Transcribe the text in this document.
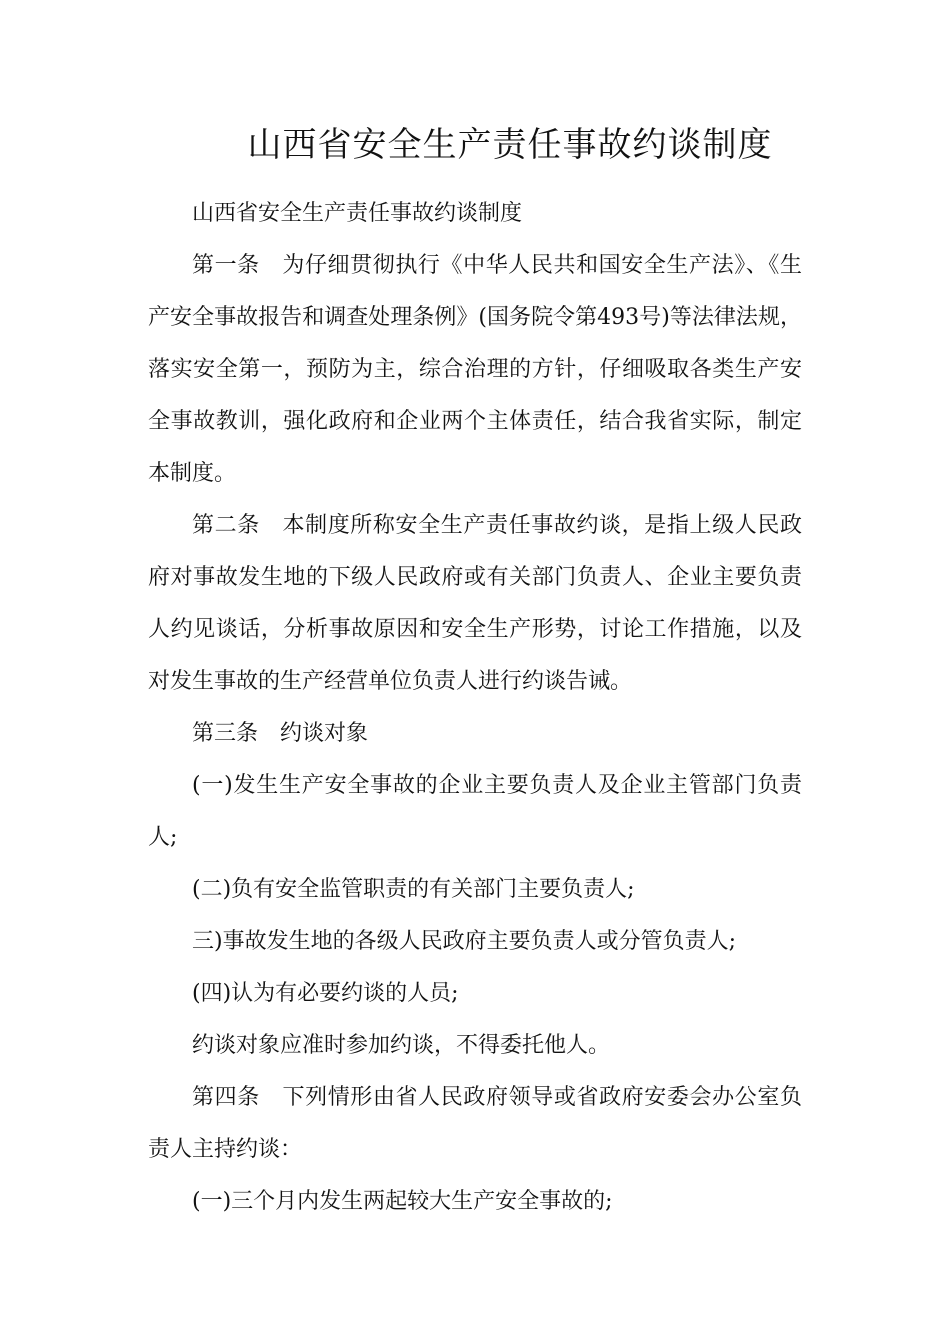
山西省安全生产责任事故约谈制度

山西省安全生产责任事故约谈制度

第一条　为仔细贯彻执行《中华人民共和国安全生产法》、《生产安全事故报告和调查处理条例》(国务院令第493号)等法律法规，落实安全第一，预防为主，综合治理的方针，仔细吸取各类生产安全事故教训，强化政府和企业两个主体责任，结合我省实际，制定本制度。

第二条　本制度所称安全生产责任事故约谈，是指上级人民政府对事故发生地的下级人民政府或有关部门负责人、企业主要负责人约见谈话，分析事故原因和安全生产形势，讨论工作措施，以及对发生事故的生产经营单位负责人进行约谈告诫。

第三条　约谈对象

(一)发生生产安全事故的企业主要负责人及企业主管部门负责人;

(二)负有安全监管职责的有关部门主要负责人;

三)事故发生地的各级人民政府主要负责人或分管负责人;

(四)认为有必要约谈的人员;

约谈对象应准时参加约谈，不得委托他人。

第四条　下列情形由省人民政府领导或省政府安委会办公室负责人主持约谈：

(一)三个月内发生两起较大生产安全事故的;
